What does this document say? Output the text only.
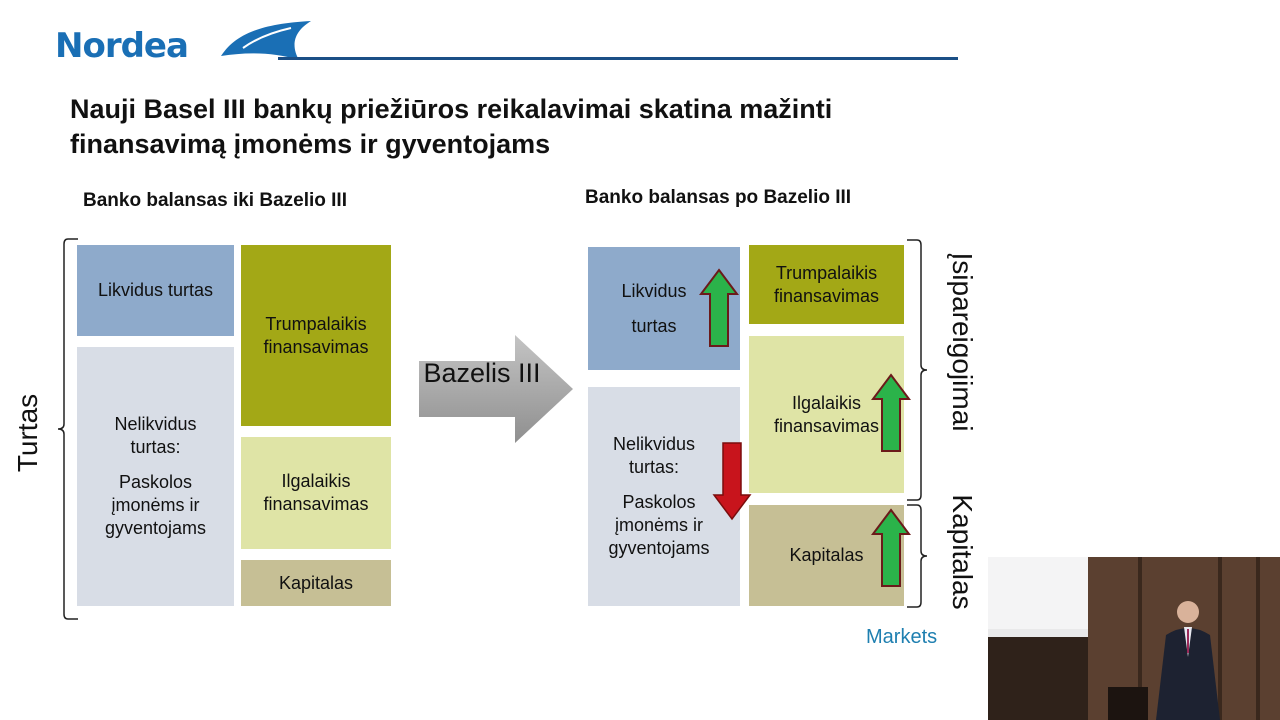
Nordea
Nauji Basel III bankų priežiūros reikalavimai skatina mažinti finansavimą įmonėms ir gyventojams
Banko balansas iki Bazelio III
Turtas
Likvidus turtas
Nelikvidus turtas:
Paskolos įmonėms ir gyventojams
Trumpalaikis finansavimas
Ilgalaikis finansavimas
Kapitalas
Bazelis III
Banko balansas po Bazelio III
Likvidus
turtas
Nelikvidus turtas:
Paskolos įmonėms ir gyventojams
Trumpalaikis finansavimas
Ilgalaikis finansavimas
Kapitalas
Įsipareigojimai
Kapitalas
Markets
